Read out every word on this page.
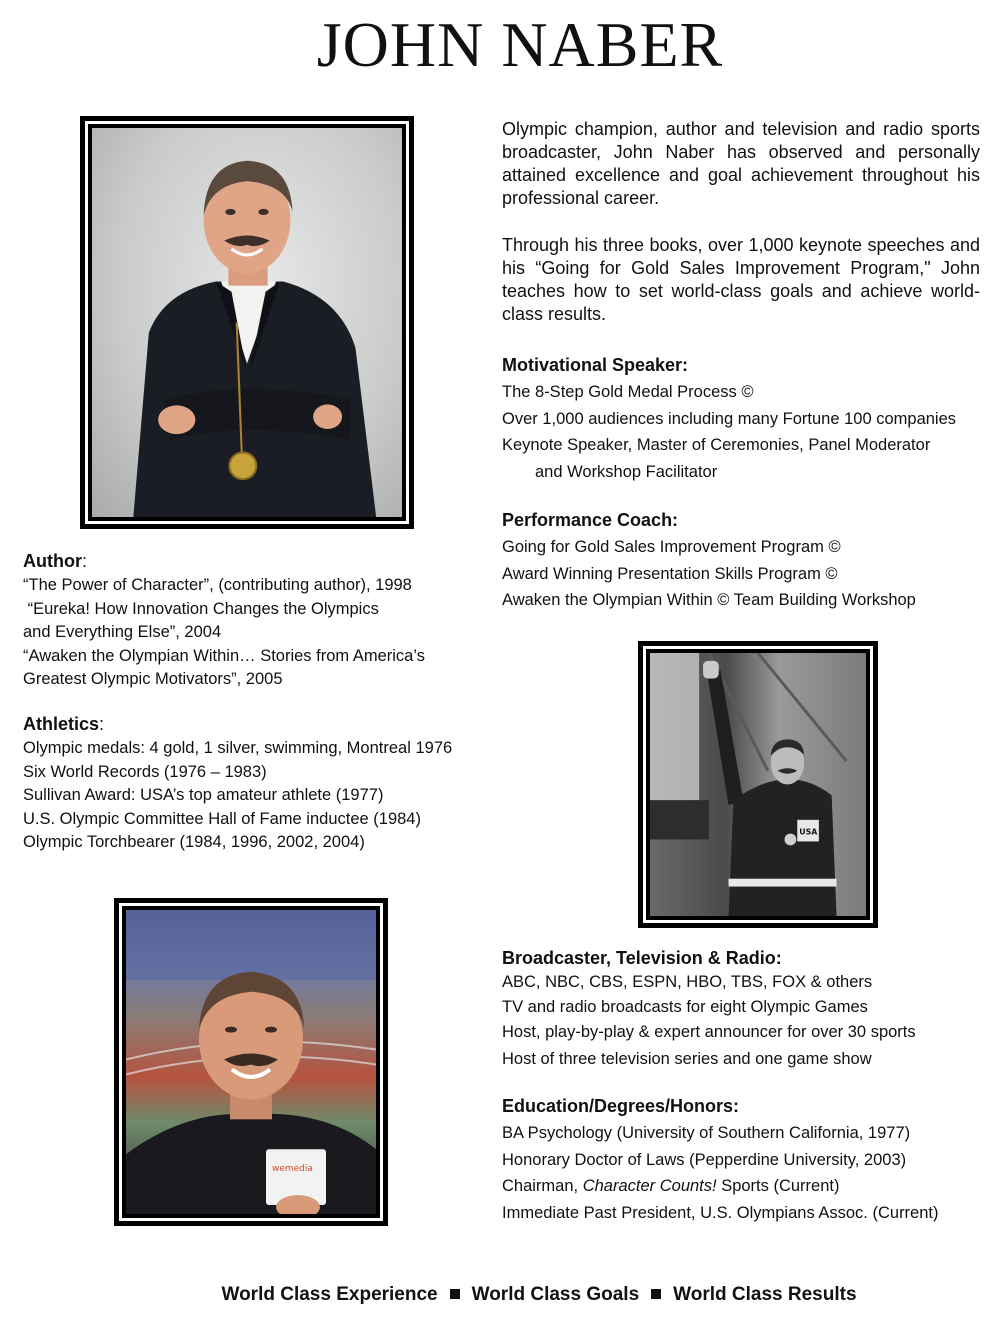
JOHN NABER

Olympic champion, author and television and radio sports broadcaster, John Naber has observed and personally attained excellence and goal achievement throughout his professional career.

Through his three books, over 1,000 keynote speeches and his “Going for Gold Sales Improvement Program," John teaches how to set world-class goals and achieve world-class results.

Motivational Speaker:

The 8-Step Gold Medal Process ©
Over 1,000 audiences including many Fortune 100 companies
Keynote Speaker, Master of Ceremonies, Panel Moderator
and Workshop Facilitator

Performance Coach:

Going for Gold Sales Improvement Program ©
Award Winning Presentation Skills Program ©
Awaken the Olympian Within © Team Building Workshop

Author:

“The Power of Character”, (contributing author), 1998
“Eureka! How Innovation Changes the Olympics
and Everything Else”, 2004
“Awaken the Olympian Within… Stories from America’s
Greatest Olympic Motivators”, 2005

Athletics:

Olympic medals: 4 gold, 1 silver, swimming, Montreal 1976
Six World Records (1976 – 1983)
Sullivan Award: USA’s top amateur athlete (1977)
U.S. Olympic Committee Hall of Fame inductee (1984)
Olympic Torchbearer (1984, 1996, 2002, 2004)

Broadcaster, Television & Radio:

ABC, NBC, CBS, ESPN, HBO, TBS, FOX & others
TV and radio broadcasts for eight Olympic Games
Host, play-by-play & expert announcer for over 30 sports
Host of three television series and one game show

Education/Degrees/Honors:

BA Psychology (University of Southern California, 1977)
Honorary Doctor of Laws (Pepperdine University, 2003)
Chairman, Character Counts! Sports (Current)
Immediate Past President, U.S. Olympians Assoc. (Current)
USA
wemedia
World Class Experience World Class Goals World Class Results
